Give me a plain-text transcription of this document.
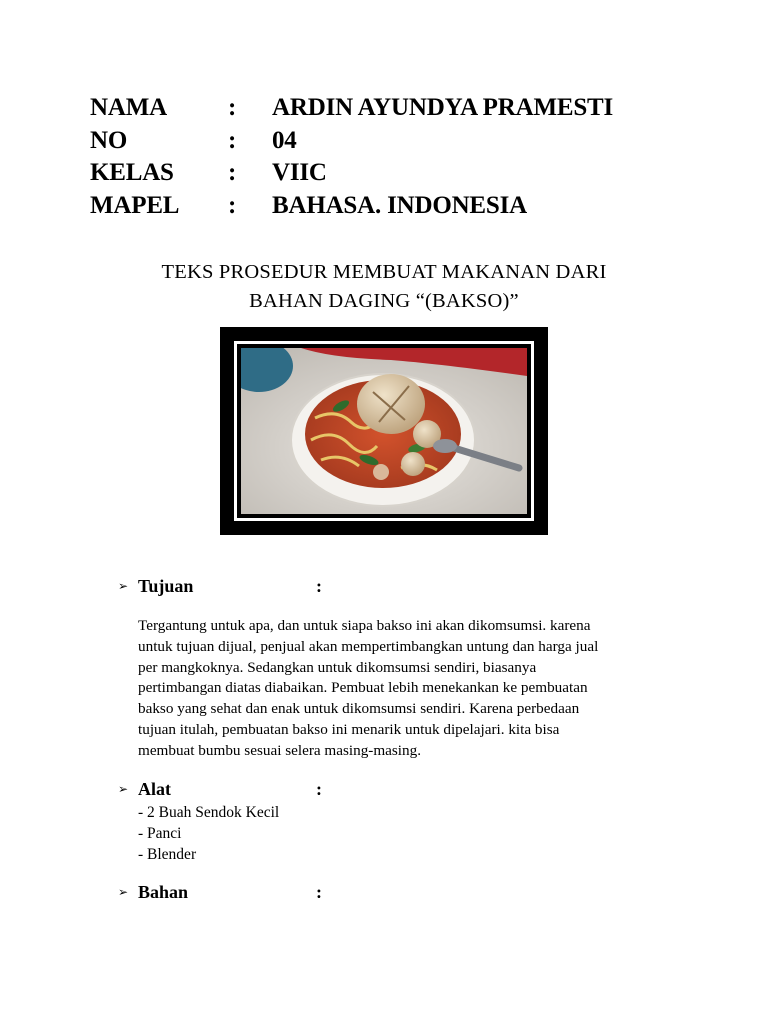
NAMA	:	ARDIN AYUNDYA PRAMESTI
NO	:	04
KELAS	:	VIIC
MAPEL	:	BAHASA. INDONESIA
TEKS PROSEDUR MEMBUAT MAKANAN DARI
BAHAN DAGING “(BAKSO)”
➢ Tujuan	:
Tergantung untuk apa, dan untuk siapa bakso ini akan dikomsumsi. karena
untuk tujuan dijual, penjual akan mempertimbangkan untung dan harga jual
per mangkoknya. Sedangkan untuk dikomsumsi sendiri, biasanya
pertimbangan diatas diabaikan. Pembuat lebih menekankan ke pembuatan
bakso yang sehat dan enak untuk dikomsumsi sendiri. Karena perbedaan
tujuan itulah, pembuatan bakso ini menarik untuk dipelajari. kita bisa
membuat bumbu sesuai selera masing-masing.
➢ Alat	:
- 2 Buah Sendok Kecil
- Panci
- Blender
➢ Bahan	:
